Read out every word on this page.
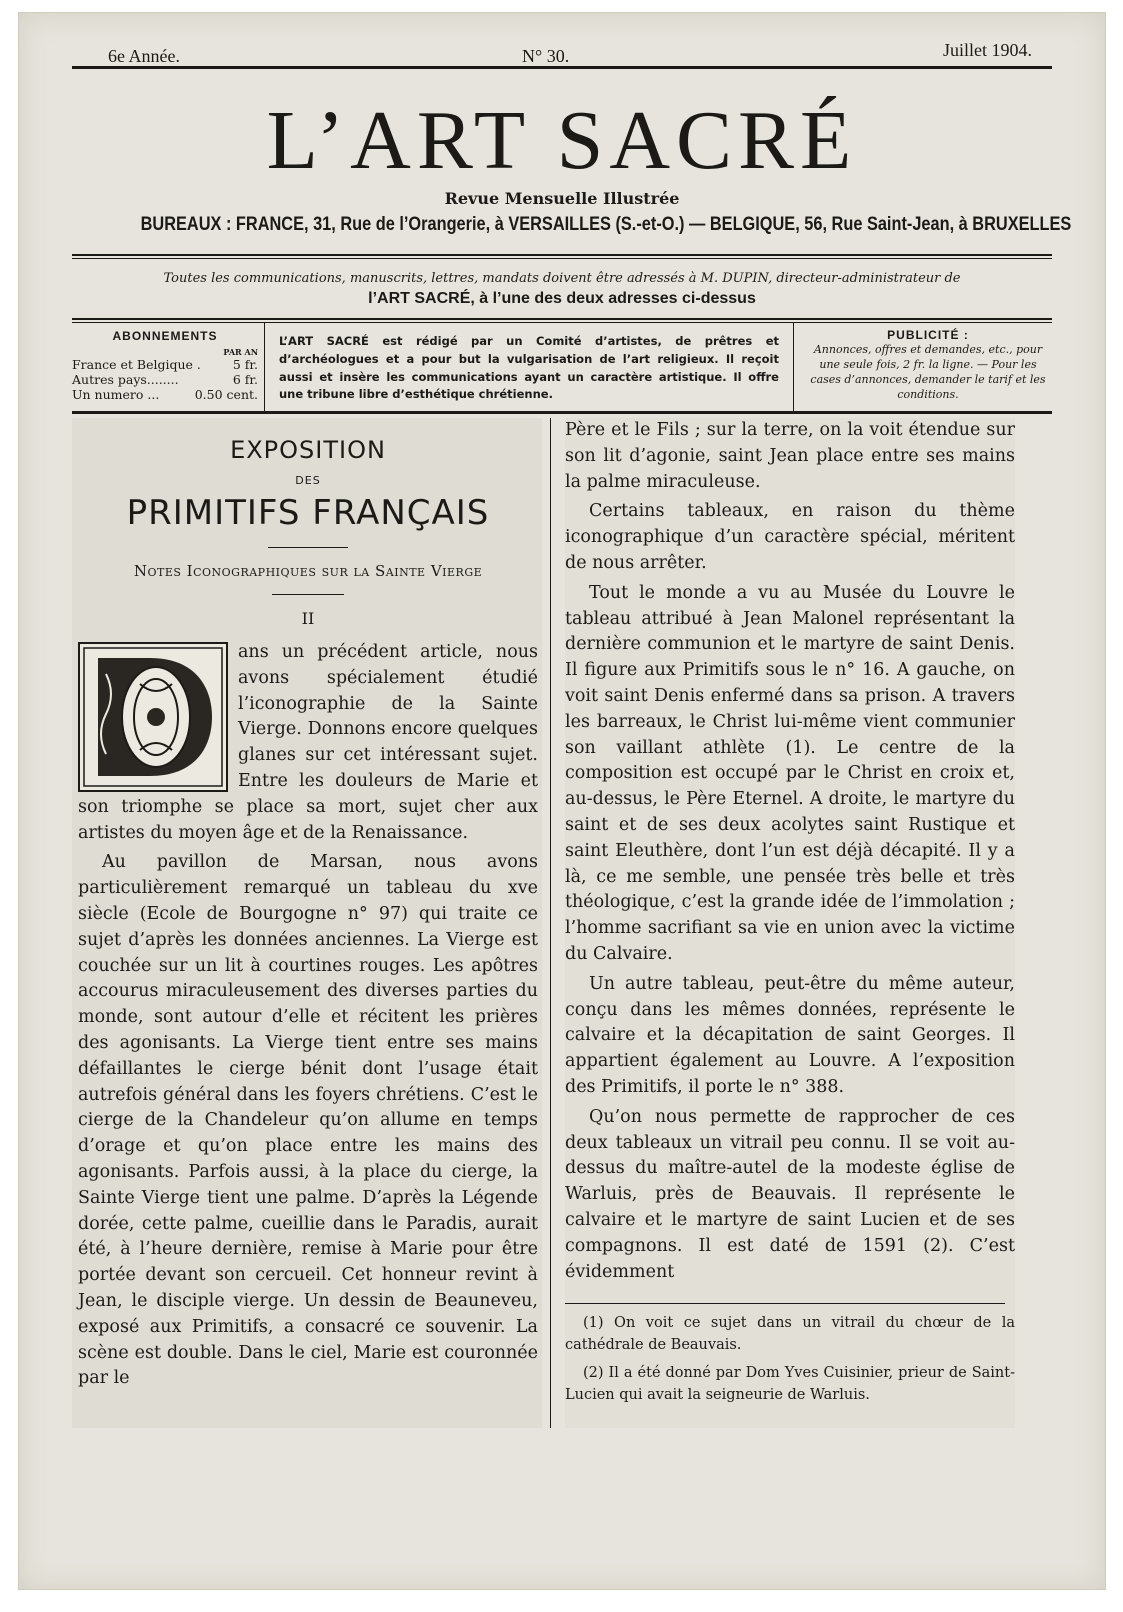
6e Année.	N° 30.	Juillet 1904.
L’ART SACRÉ
Revue Mensuelle Illustrée
BUREAUX : FRANCE, 31, Rue de l’Orangerie, à VERSAILLES (S.-et-O.) — BELGIQUE, 56, Rue Saint-Jean, à BRUXELLES
Toutes les communications, manuscrits, lettres, mandats doivent être adressés à M. DUPIN, directeur-administrateur de
l’ART SACRÉ, à l’une des deux adresses ci-dessus
ABONNEMENTS
PAR AN
France et Belgique .	5 fr.
Autres pays........	6 fr.
Un numero ...	0.50 cent.
L’ART SACRÉ est rédigé par un Comité d’artistes, de prêtres et d’archéologues et a pour but la vulgarisation de l’art religieux. Il reçoit aussi et insère les communications ayant un caractère artistique. Il offre une tribune libre d’esthétique chrétienne.
PUBLICITÉ :
Annonces, offres et demandes, etc., pour une seule fois, 2 fr. la ligne. — Pour les cases d’annonces, demander le tarif et les conditions.
EXPOSITION
DES
PRIMITIFS FRANÇAIS
Notes Iconographiques sur la Sainte Vierge
II

ans un précédent article, nous avons spécialement étudié l’iconographie de la Sainte Vierge. Donnons encore quelques glanes sur cet intéressant sujet. Entre les douleurs de Marie et son triomphe se place sa mort, sujet cher aux artistes du moyen âge et de la Renaissance.

Au pavillon de Marsan, nous avons particulièrement remarqué un tableau du xve siècle (Ecole de Bourgogne n° 97) qui traite ce sujet d’après les données anciennes. La Vierge est couchée sur un lit à courtines rouges. Les apôtres accourus miraculeusement des diverses parties du monde, sont autour d’elle et récitent les prières des agonisants. La Vierge tient entre ses mains défaillantes le cierge bénit dont l’usage était autrefois général dans les foyers chrétiens. C’est le cierge de la Chandeleur qu’on allume en temps d’orage et qu’on place entre les mains des agonisants. Parfois aussi, à la place du cierge, la Sainte Vierge tient une palme. D’après la Légende dorée, cette palme, cueillie dans le Paradis, aurait été, à l’heure dernière, remise à Marie pour être portée devant son cercueil. Cet honneur revint à Jean, le disciple vierge. Un dessin de Beauneveu, exposé aux Primitifs, a consacré ce souvenir. La scène est double. Dans le ciel, Marie est couronnée par le

Père et le Fils ; sur la terre, on la voit étendue sur son lit d’agonie, saint Jean place entre ses mains la palme miraculeuse.

Certains tableaux, en raison du thème iconographique d’un caractère spécial, méritent de nous arrêter.

Tout le monde a vu au Musée du Louvre le tableau attribué à Jean Malonel représentant la dernière communion et le martyre de saint Denis. Il figure aux Primitifs sous le n° 16. A gauche, on voit saint Denis enfermé dans sa prison. A travers les barreaux, le Christ lui-même vient communier son vaillant athlète (1). Le centre de la composition est occupé par le Christ en croix et, au-dessus, le Père Eternel. A droite, le martyre du saint et de ses deux acolytes saint Rustique et saint Eleuthère, dont l’un est déjà décapité. Il y a là, ce me semble, une pensée très belle et très théologique, c’est la grande idée de l’immolation ; l’homme sacrifiant sa vie en union avec la victime du Calvaire.

Un autre tableau, peut-être du même auteur, conçu dans les mêmes données, représente le calvaire et la décapitation de saint Georges. Il appartient également au Louvre. A l’exposition des Primitifs, il porte le n° 388.

Qu’on nous permette de rapprocher de ces deux tableaux un vitrail peu connu. Il se voit au-dessus du maître-autel de la modeste église de Warluis, près de Beauvais. Il représente le calvaire et le martyre de saint Lucien et de ses compagnons. Il est daté de 1591 (2). C’est évidemment

(1) On voit ce sujet dans un vitrail du chœur de la cathédrale de Beauvais.

(2) Il a été donné par Dom Yves Cuisinier, prieur de Saint-Lucien qui avait la seigneurie de Warluis.
